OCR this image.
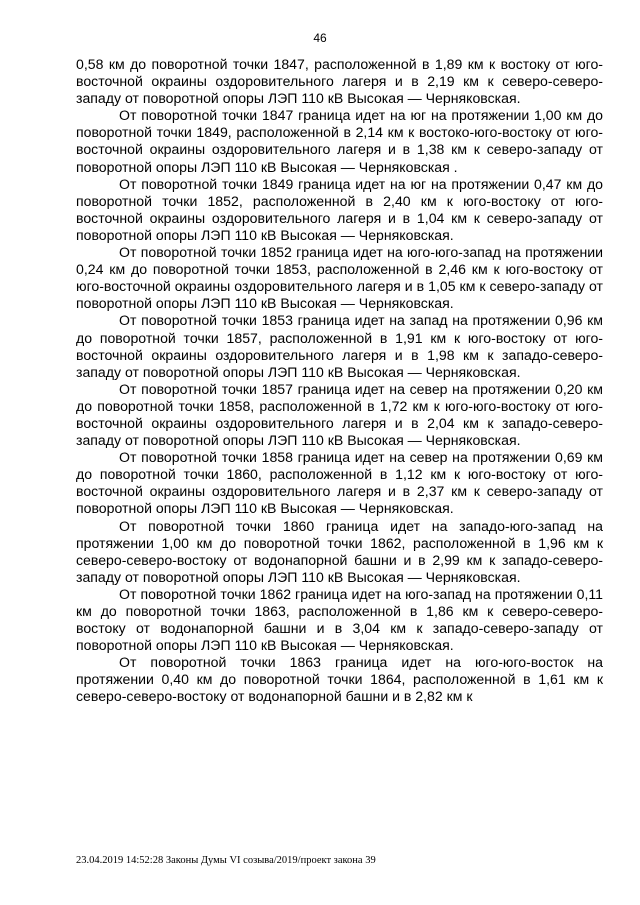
46

0,58 км до поворотной точки 1847, расположенной в 1,89 км к востоку от юго-восточной окраины оздоровительного лагеря и в 2,19 км к северо-северо-западу от поворотной опоры ЛЭП 110 кВ Высокая — Черняковская.

От поворотной точки 1847 граница идет на юг на протяжении 1,00 км до поворотной точки 1849, расположенной в 2,14 км к востоко-юго-востоку от юго-восточной окраины оздоровительного лагеря и в 1,38 км к северо-западу от поворотной опоры ЛЭП 110 кВ Высокая — Черняковская .

От поворотной точки 1849 граница идет на юг на протяжении 0,47 км до поворотной точки 1852, расположенной в 2,40 км к юго-востоку от юго-восточной окраины оздоровительного лагеря и в 1,04 км к северо-западу от поворотной опоры ЛЭП 110 кВ Высокая — Черняковская.

От поворотной точки 1852 граница идет на юго-юго-запад на протяжении 0,24 км до поворотной точки 1853, расположенной в 2,46 км к юго-востоку от юго-восточной окраины оздоровительного лагеря и в 1,05 км к северо-западу от поворотной опоры ЛЭП 110 кВ Высокая — Черняковская.

От поворотной точки 1853 граница идет на запад на протяжении 0,96 км до поворотной точки 1857, расположенной в 1,91 км к юго-востоку от юго-восточной окраины оздоровительного лагеря и в 1,98 км к западо-северо-западу от поворотной опоры ЛЭП 110 кВ Высокая — Черняковская.

От поворотной точки 1857 граница идет на север на протяжении 0,20 км до поворотной точки 1858, расположенной в 1,72 км к юго-юго-востоку от юго-восточной окраины оздоровительного лагеря и в 2,04 км к западо-северо-западу от поворотной опоры ЛЭП 110 кВ Высокая — Черняковская.

От поворотной точки 1858 граница идет на север на протяжении 0,69 км до поворотной точки 1860, расположенной в 1,12 км к юго-востоку от юго-восточной окраины оздоровительного лагеря и в 2,37 км к северо-западу от поворотной опоры ЛЭП 110 кВ Высокая — Черняковская.

От поворотной точки 1860 граница идет на западо-юго-запад на протяжении 1,00 км до поворотной точки 1862, расположенной в 1,96 км к северо-северо-востоку от водонапорной башни и в 2,99 км к западо-северо-западу от поворотной опоры ЛЭП 110 кВ Высокая — Черняковская.

От поворотной точки 1862 граница идет на юго-запад на протяжении 0,11 км до поворотной точки 1863, расположенной в 1,86 км к северо-северо-востоку от водонапорной башни и в 3,04 км к западо-северо-западу от поворотной опоры ЛЭП 110 кВ Высокая — Черняковская.

От поворотной точки 1863 граница идет на юго-юго-восток на протяжении 0,40 км до поворотной точки 1864, расположенной в 1,61 км к северо-северо-востоку от водонапорной башни и в 2,82 км к

23.04.2019 14:52:28 Законы Думы VI созыва/2019/проект закона 39
